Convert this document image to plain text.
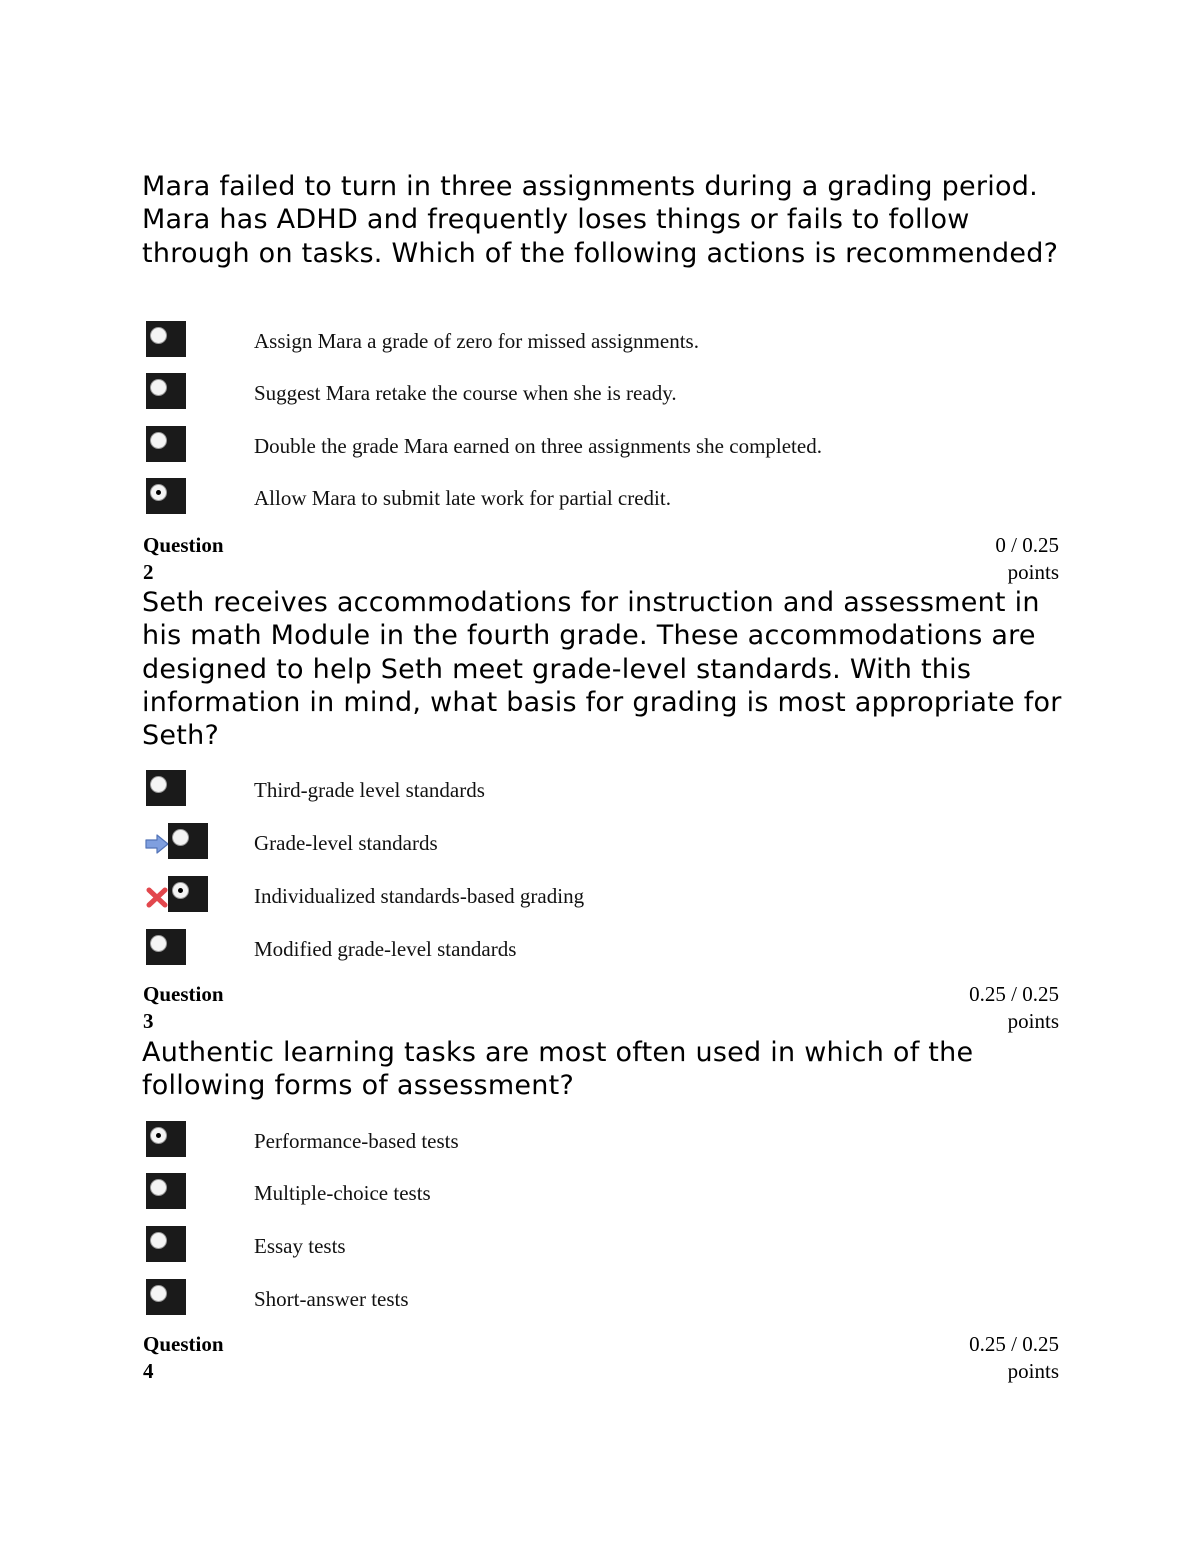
Mara failed to turn in three assignments during a grading period. Mara has ADHD and frequently loses things or fails to follow through on tasks. Which of the following actions is recommended?
Assign Mara a grade of zero for missed assignments.
Suggest Mara retake the course when she is ready.
Double the grade Mara earned on three assignments she completed.
Allow Mara to submit late work for partial credit.
Question
2
0 / 0.25
points
Seth receives accommodations for instruction and assessment in his math Module in the fourth grade. These accommodations are designed to help Seth meet grade-level standards. With this information in mind, what basis for grading is most appropriate for Seth?
Third-grade level standards
Grade-level standards
Individualized standards-based grading
Modified grade-level standards
Question
3
0.25 / 0.25
points
Authentic learning tasks are most often used in which of the following forms of assessment?
Performance-based tests
Multiple-choice tests
Essay tests
Short-answer tests
Question
4
0.25 / 0.25
points
